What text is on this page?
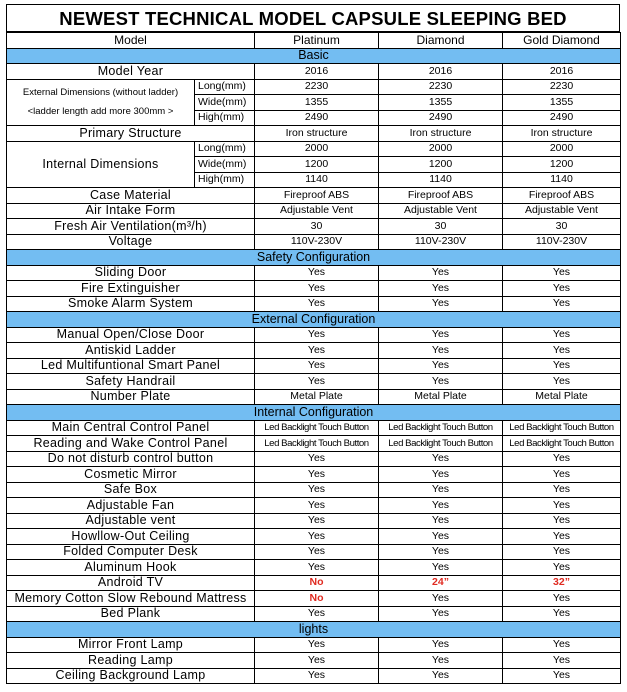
NEWEST TECHNICAL MODEL CAPSULE SLEEPING BED
Model		Platinum	Diamond	Gold Diamond
Basic				
Model Year		2016	2016	2016

External Dimensions (without ladder)
<ladder length add more 300mm >	Long(mm)	2230	2230	2230
	Wide(mm)	1355	1355	1355
	High(mm)	2490	2490	2490
Primary Structure		Iron structure	Iron structure	Iron structure
Internal Dimensions	Long(mm)	2000	2000	2000
	Wide(mm)	1200	1200	1200
	High(mm)	1140	1140	1140
Case Material		Fireproof ABS	Fireproof ABS	Fireproof ABS
Air Intake Form		Adjustable Vent	Adjustable Vent	Adjustable Vent
Fresh Air Ventilation(m³/h)		30	30	30
Voltage		110V-230V	110V-230V	110V-230V
Safety Configuration				
Sliding Door		Yes	Yes	Yes
Fire Extinguisher		Yes	Yes	Yes
Smoke Alarm System		Yes	Yes	Yes
External Configuration				
Manual Open/Close Door		Yes	Yes	Yes
Antiskid Ladder		Yes	Yes	Yes
Led Multifuntional Smart Panel		Yes	Yes	Yes
Safety Handrail		Yes	Yes	Yes
Number Plate		Metal Plate	Metal Plate	Metal Plate
Internal Configuration				
Main Central Control Panel		Led Backlight Touch Button	Led Backlight Touch Button	Led Backlight Touch Button
Reading and Wake Control Panel		Led Backlight Touch Button	Led Backlight Touch Button	Led Backlight Touch Button
Do not disturb control button		Yes	Yes	Yes
Cosmetic Mirror		Yes	Yes	Yes
Safe Box		Yes	Yes	Yes
Adjustable Fan		Yes	Yes	Yes
Adjustable vent		Yes	Yes	Yes
Howllow-Out Ceiling		Yes	Yes	Yes
Folded Computer Desk		Yes	Yes	Yes
Aluminum Hook		Yes	Yes	Yes
Android TV		No	24”	32”
Memory Cotton Slow Rebound Mattress		No	Yes	Yes
Bed Plank		Yes	Yes	Yes
lights				
Mirror Front Lamp		Yes	Yes	Yes
Reading Lamp		Yes	Yes	Yes
Ceiling Background Lamp		Yes	Yes	Yes
